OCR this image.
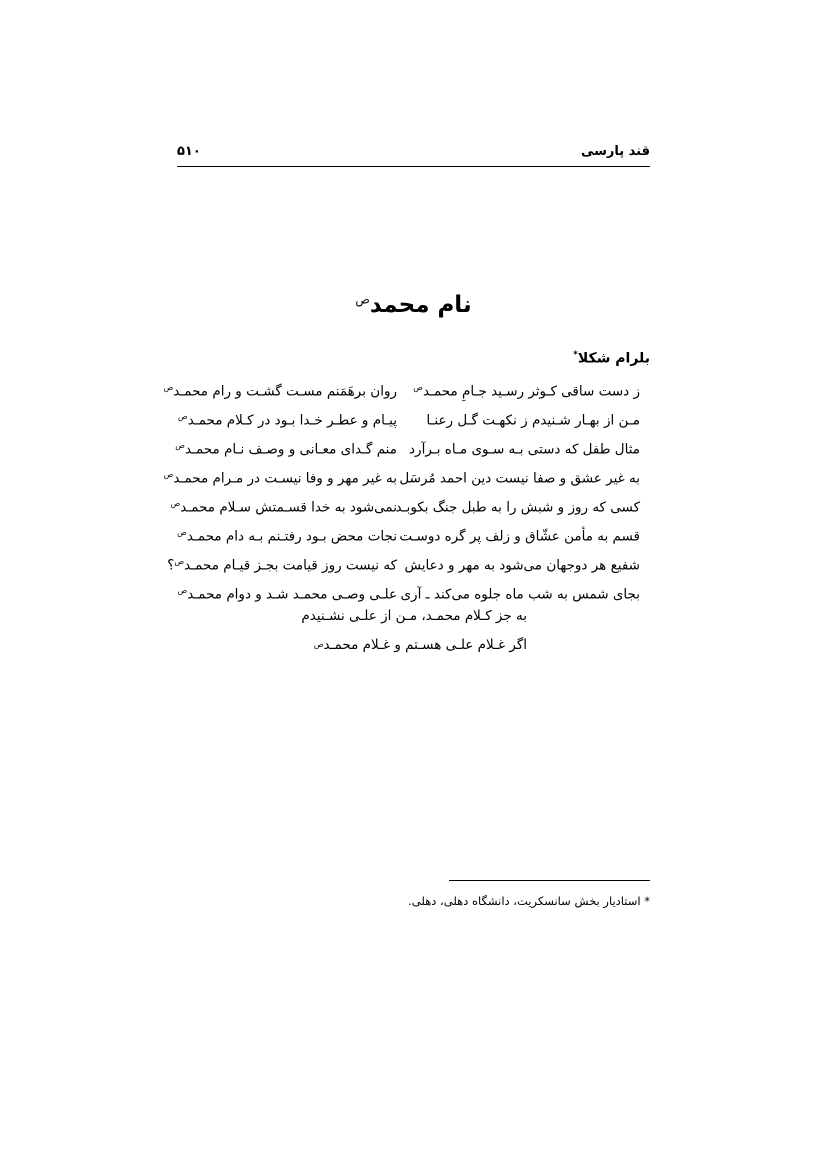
۵۱۰	قند پارسی
نام محمد$^ص$
بلرام شکلا*
ز دست ساقی کـوثر رسـید جـامِ محمـد$^ص$
روان برهَمَنم مسـت گشـت و رام محمـد$^ص$
مـن از بهـار شـنیدم ز نکهـت گـل رعنـا
پیـام و عطـر خـدا بـود در کـلام محمـد$^ص$
مثال طفل که دستی بـه سـوی مـاه بـرآرد
منم گـدای معـانی و وصـف نـام محمـد$^ص$
به غیر عشق و صفا نیست دین احمد مُرسَل
به غیر مهر و وفا نیسـت در مـرام محمـد$^ص$
کسی که روز و شبش را به طبل جنگ بکوبـد
نمی‌شود به خدا قسـمتش سـلام محمـد$^ص$
قسم به مأمن عشّاق و زلف پر گره دوسـت
نجات محض بـود رفتـنم بـه دام محمـد$^ص$
شفیع هر دوجهان می‌شود به مهر و دعایش
که نیست روز قیامت بجـز قیـام محمـد$^ص$؟
بجای شمس به شب ماه جلوه می‌کند ـ آری
علـی وصـی محمـد شـد و دوام محمـد$^ص$
به جز کـلام محمـد، مـن از علـی نشـنیدم
اگر غـلام علـی هسـتم و غـلام محمـد
ص
* استادیار بخش سانسکریت، دانشگاه دهلی، دهلی.
